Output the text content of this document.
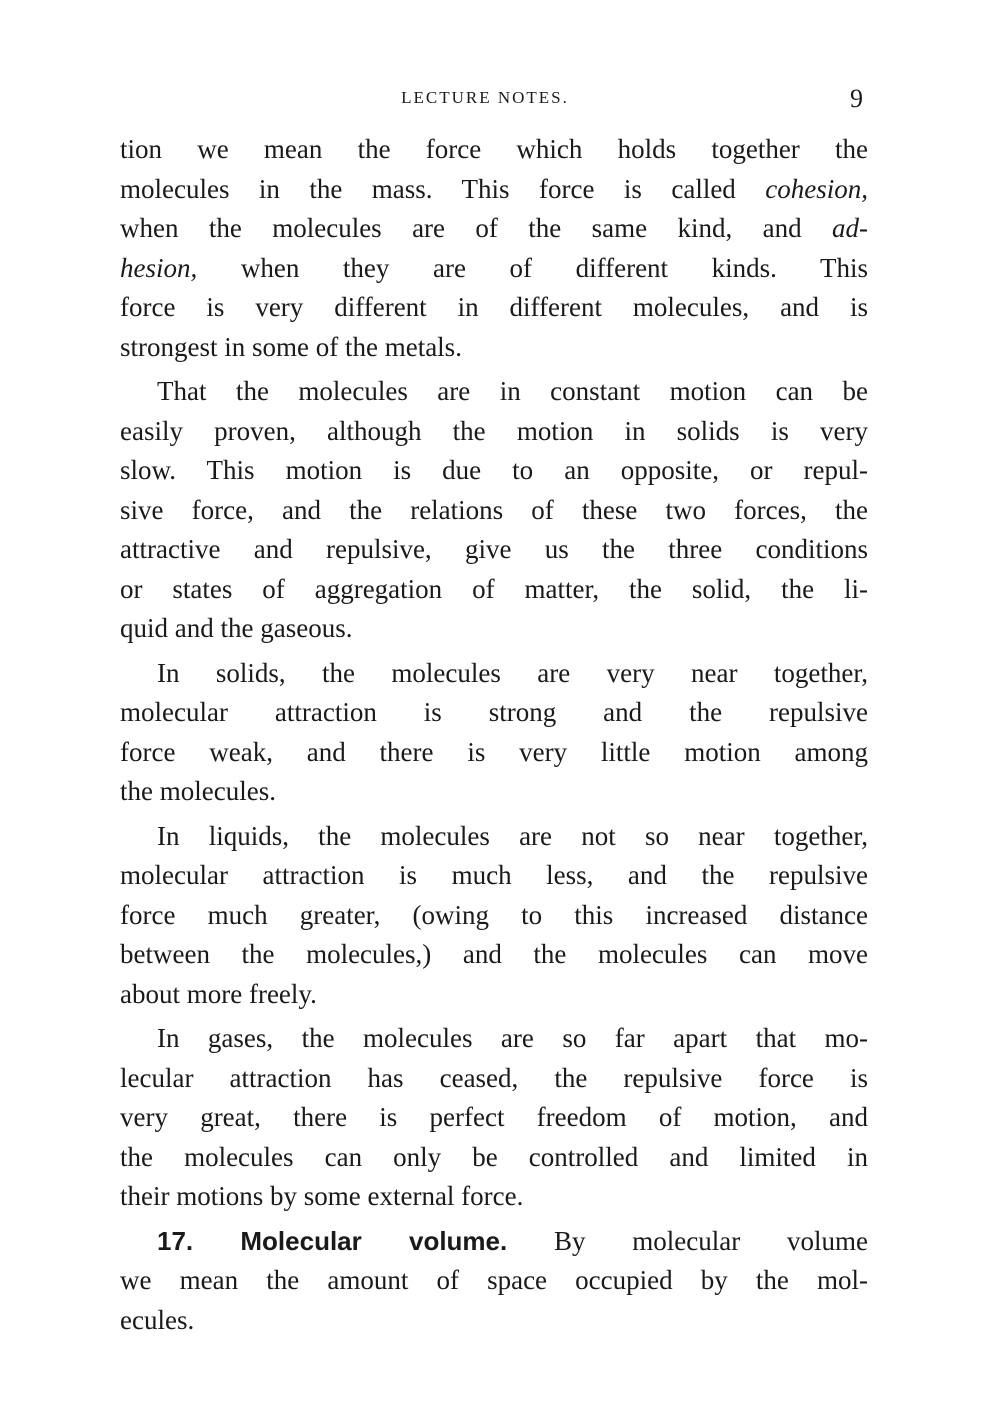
LECTURE NOTES.	9
tion we mean the force which holds together the
molecules in the mass. This force is called cohesion,
when the molecules are of the same kind, and ad-
hesion, when they are of different kinds. This
force is very different in different molecules, and is
strongest in some of the metals.
That the molecules are in constant motion can be
easily proven, although the motion in solids is very
slow. This motion is due to an opposite, or repul-
sive force, and the relations of these two forces, the
attractive and repulsive, give us the three conditions
or states of aggregation of matter, the solid, the li-
quid and the gaseous.
In solids, the molecules are very near together,
molecular attraction is strong and the repulsive
force weak, and there is very little motion among
the molecules.
In liquids, the molecules are not so near together,
molecular attraction is much less, and the repulsive
force much greater, (owing to this increased distance
between the molecules,) and the molecules can move
about more freely.
In gases, the molecules are so far apart that mo-
lecular attraction has ceased, the repulsive force is
very great, there is perfect freedom of motion, and
the molecules can only be controlled and limited in
their motions by some external force.
17. Molecular volume. By molecular volume
we mean the amount of space occupied by the mol-
ecules.
